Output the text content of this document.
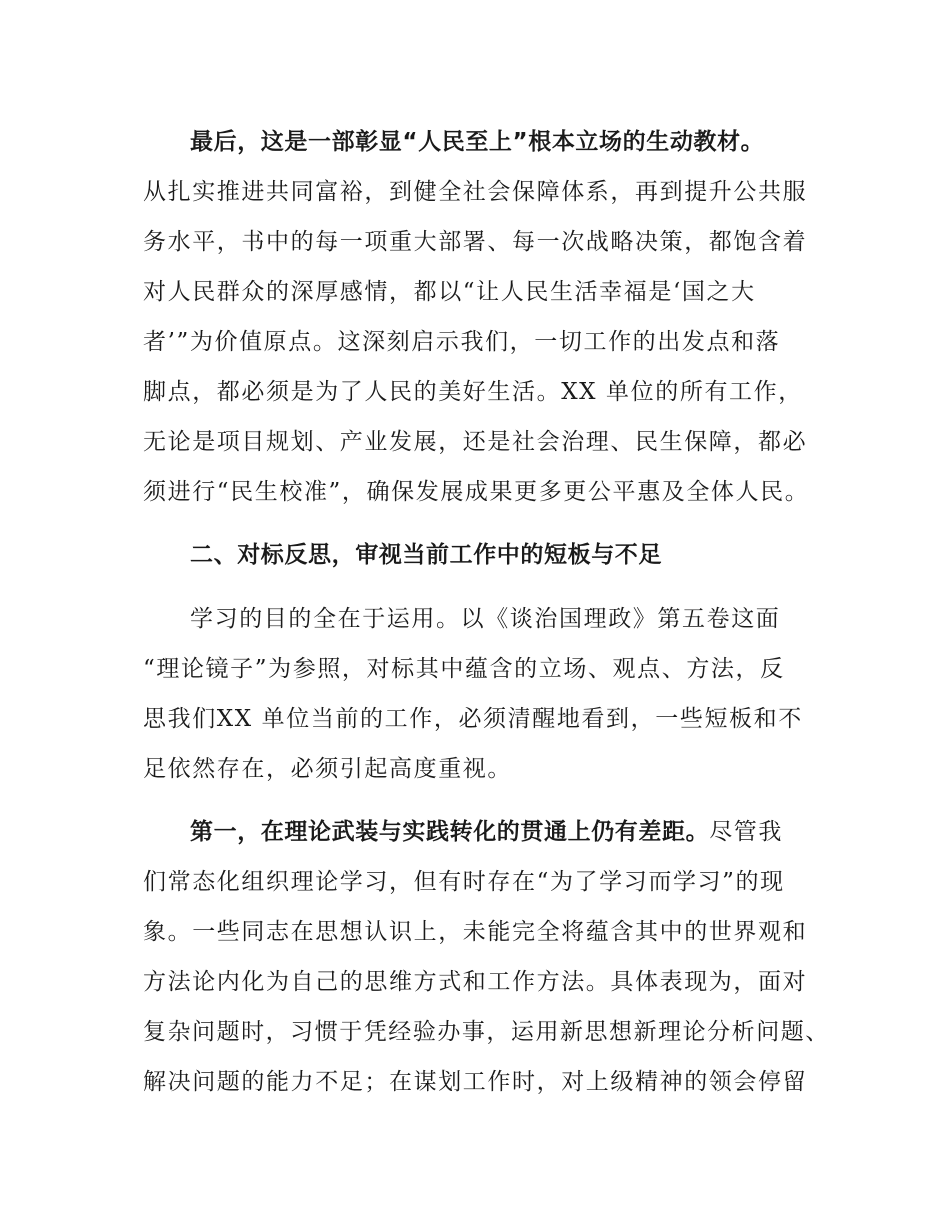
最后，这是一部彰显“人民至上”根本立场的生动教材。
从扎实推进共同富裕，到健全社会保障体系，再到提升公共服
务水平，书中的每一项重大部署、每一次战略决策，都饱含着
对人民群众的深厚感情，都以“让人民生活幸福是‘国之大
者’”为价值原点。这深刻启示我们，一切工作的出发点和落
脚点，都必须是为了人民的美好生活。XX 单位的所有工作，
无论是项目规划、产业发展，还是社会治理、民生保障，都必
须进行“民生校准”，确保发展成果更多更公平惠及全体人民。
二、对标反思，审视当前工作中的短板与不足
学习的目的全在于运用。以《谈治国理政》第五卷这面
“理论镜子”为参照，对标其中蕴含的立场、观点、方法，反
思我们XX 单位当前的工作，必须清醒地看到，一些短板和不
足依然存在，必须引起高度重视。
第一，在理论武装与实践转化的贯通上仍有差距。尽管我
们常态化组织理论学习，但有时存在“为了学习而学习”的现
象。一些同志在思想认识上，未能完全将蕴含其中的世界观和
方法论内化为自己的思维方式和工作方法。具体表现为，面对
复杂问题时，习惯于凭经验办事，运用新思想新理论分析问题、
解决问题的能力不足；在谋划工作时，对上级精神的领会停留
